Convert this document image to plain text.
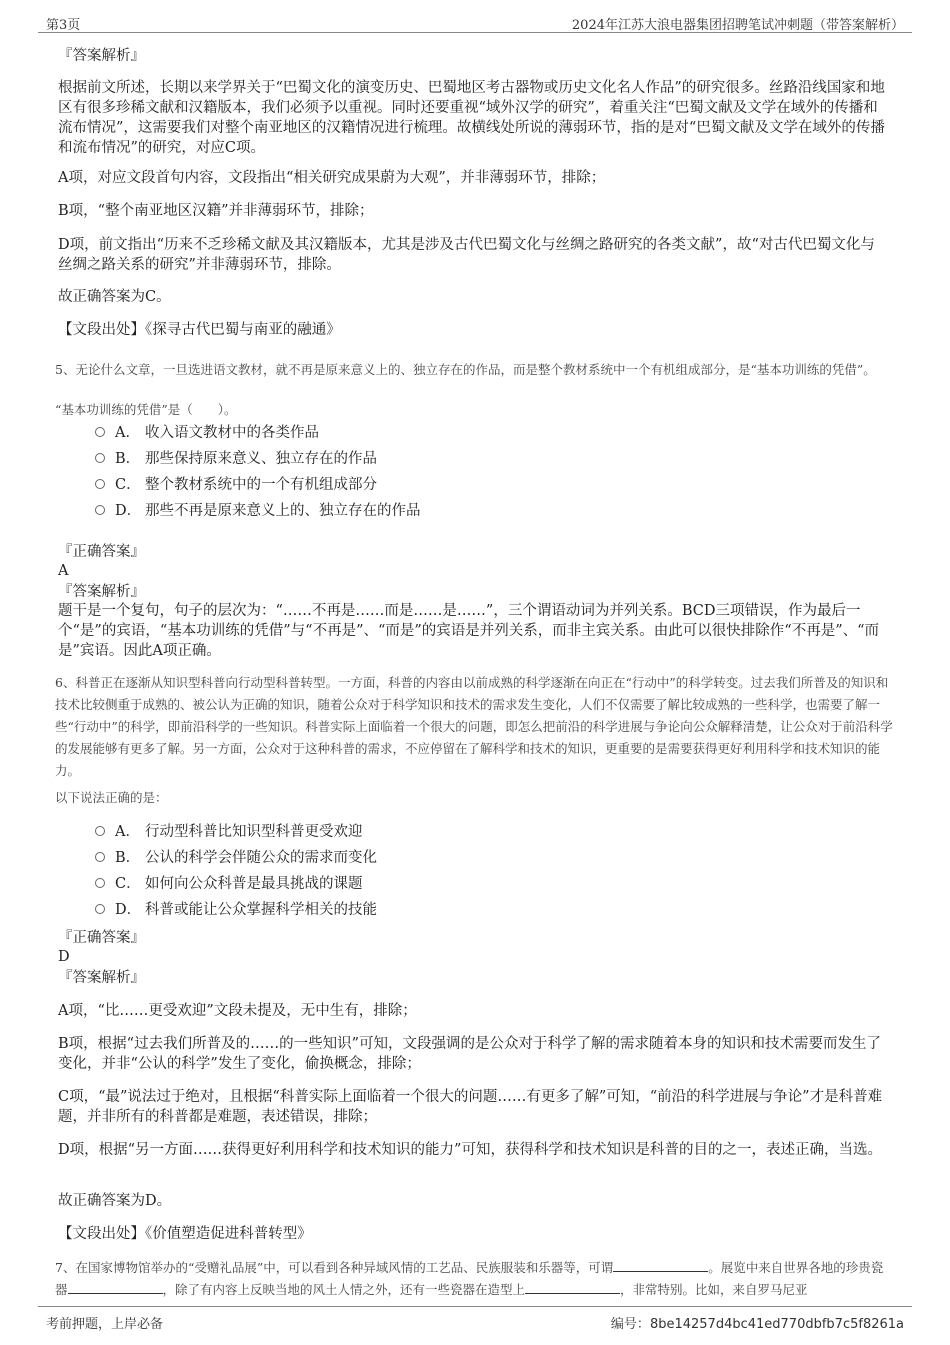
第3页	2024年江苏大浪电器集团招聘笔试冲刺题（带答案解析）
『答案解析』
根据前文所述，长期以来学界关于“巴蜀文化的演变历史、巴蜀地区考古器物或历史文化名人作品”的研究很多。丝路沿线国家和地区有很多珍稀文献和汉籍版本，我们必须予以重视。同时还要重视“域外汉学的研究”，着重关注“巴蜀文献及文学在域外的传播和流布情况”，这需要我们对整个南亚地区的汉籍情况进行梳理。故横线处所说的薄弱环节，指的是对“巴蜀文献及文学在域外的传播和流布情况”的研究，对应C项。
A项，对应文段首句内容，文段指出“相关研究成果蔚为大观”，并非薄弱环节，排除；
B项，“整个南亚地区汉籍”并非薄弱环节，排除；
D项，前文指出“历来不乏珍稀文献及其汉籍版本，尤其是涉及古代巴蜀文化与丝绸之路研究的各类文献”，故“对古代巴蜀文化与丝绸之路关系的研究”并非薄弱环节，排除。
故正确答案为C。
【文段出处】《探寻古代巴蜀与南亚的融通》
5、无论什么文章，一旦选进语文教材，就不再是原来意义上的、独立存在的作品，而是整个教材系统中一个有机组成部分，是“基本功训练的凭借”。
“基本功训练的凭借”是（　　）。
A． 收入语文教材中的各类作品
B． 那些保持原来意义、独立存在的作品
C． 整个教材系统中的一个有机组成部分
D． 那些不再是原来意义上的、独立存在的作品
『正确答案』
A
『答案解析』
题干是一个复句，句子的层次为：“……不再是……而是……是……”，三个谓语动词为并列关系。BCD三项错误，作为最后一个“是”的宾语，“基本功训练的凭借”与“不再是”、“而是”的宾语是并列关系，而非主宾关系。由此可以很快排除作“不再是”、“而是”宾语。因此A项正确。
6、科普正在逐渐从知识型科普向行动型科普转型。一方面，科普的内容由以前成熟的科学逐渐在向正在“行动中”的科学转变。过去我们所普及的知识和技术比较侧重于成熟的、被公认为正确的知识，随着公众对于科学知识和技术的需求发生变化，人们不仅需要了解比较成熟的一些科学，也需要了解一些“行动中”的科学，即前沿科学的一些知识。科普实际上面临着一个很大的问题，即怎么把前沿的科学进展与争论向公众解释清楚，让公众对于前沿科学的发展能够有更多了解。另一方面，公众对于这种科普的需求，不应停留在了解科学和技术的知识，更重要的是需要获得更好利用科学和技术知识的能力。
以下说法正确的是：
A． 行动型科普比知识型科普更受欢迎
B． 公认的科学会伴随公众的需求而变化
C． 如何向公众科普是最具挑战的课题
D． 科普或能让公众掌握科学相关的技能
『正确答案』
D
『答案解析』
A项，“比……更受欢迎”文段未提及，无中生有，排除；
B项，根据“过去我们所普及的……的一些知识”可知，文段强调的是公众对于科学了解的需求随着本身的知识和技术需要而发生了变化，并非“公认的科学”发生了变化，偷换概念，排除；
C项，“最”说法过于绝对，且根据“科普实际上面临着一个很大的问题……有更多了解”可知，“前沿的科学进展与争论”才是科普难题，并非所有的科普都是难题，表述错误，排除；
D项，根据“另一方面……获得更好利用科学和技术知识的能力”可知，获得科学和技术知识是科普的目的之一，表述正确，当选。
故正确答案为D。
【文段出处】《价值塑造促进科普转型》
7、在国家博物馆举办的“受赠礼品展”中，可以看到各种异域风情的工艺品、民族服装和乐器等，可谓	。展览中来自世界各地的珍贵瓷器	，除了有内容上反映当地的风土人情之外，还有一些瓷器在造型上	，非常特别。比如，来自罗马尼亚
考前押题，上岸必备	编号：8be14257d4bc41ed770dbfb7c5f8261a
